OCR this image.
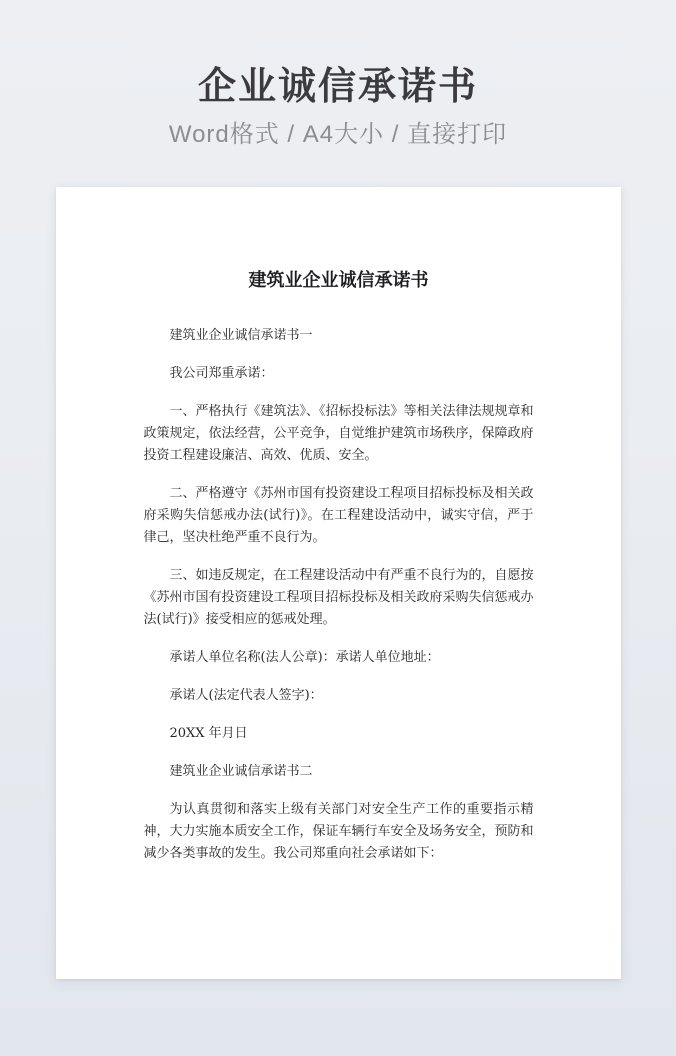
企业诚信承诺书
Word格式 / A4大小 / 直接打印
建筑业企业诚信承诺书

建筑业企业诚信承诺书一

我公司郑重承诺：

一、严格执行《建筑法》、《招标投标法》等相关法律法规规章和政策规定，依法经营，公平竞争，自觉维护建筑市场秩序，保障政府投资工程建设廉洁、高效、优质、安全。

二、严格遵守《苏州市国有投资建设工程项目招标投标及相关政府采购失信惩戒办法(试行)》。在工程建设活动中，诚实守信，严于律己，坚决杜绝严重不良行为。

三、如违反规定，在工程建设活动中有严重不良行为的，自愿按《苏州市国有投资建设工程项目招标投标及相关政府采购失信惩戒办法(试行)》接受相应的惩戒处理。

承诺人单位名称(法人公章)：承诺人单位地址：

承诺人(法定代表人签字)：

20XX 年月日

建筑业企业诚信承诺书二

为认真贯彻和落实上级有关部门对安全生产工作的重要指示精神，大力实施本质安全工作，保证车辆行车安全及场务安全，预防和减少各类事故的发生。我公司郑重向社会承诺如下：
